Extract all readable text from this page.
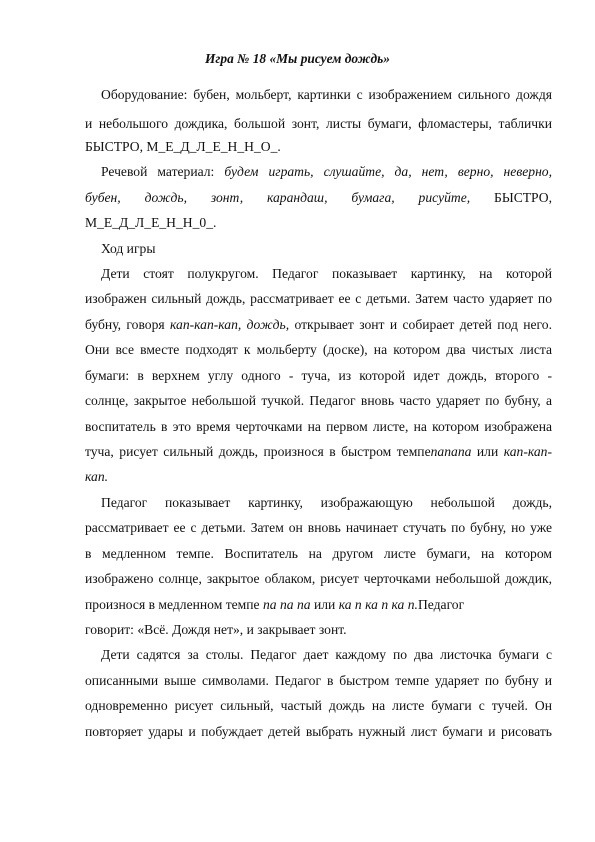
Игра № 18 «Мы рисуем дождь»
Оборудование: бубен, мольберт, картинки с изображением сильного дождя
и небольшого дождика, большой зонт, листы бумаги, фломастеры, таблички
БЫСТРО, М_Е_Д_Л_Е_Н_Н_О_.
Речевой материал: будем играть, слушайте, да, нет, верно, неверно,
бубен, дождь, зонт, карандаш, бумага, рисуйте, БЫСТРО,
М_Е_Д_Л_Е_Н_Н_0_.
Ход игры
Дети стоят полукругом. Педагог показывает картинку, на которой
изображен сильный дождь, рассматривает ее с детьми. Затем часто ударяет по
бубну, говоря кап-кап-кап, дождь, открывает зонт и собирает детей под него.
Они все вместе подходят к мольберту (доске), на котором два чистых листа
бумаги: в верхнем углу одного - туча, из которой идет дождь, второго -
солнце, закрытое небольшой тучкой. Педагог вновь часто ударяет по бубну, а
воспитатель в это время черточками на первом листе, на котором изображена
туча, рисует сильный дождь, произнося в быстром темпепапапа или кап-кап-
кап.
Педагог показывает картинку, изображающую небольшой дождь,
рассматривает ее с детьми. Затем он вновь начинает стучать по бубну, но уже
в медленном темпе. Воспитатель на другом листе бумаги, на котором
изображено солнце, закрытое облаком, рисует черточками небольшой дождик,
произнося в медленном темпе па па па или ка п ка п ка п.Педагог
говорит: «Всё. Дождя нет», и закрывает зонт.
Дети садятся за столы. Педагог дает каждому по два листочка бумаги с
описанными выше символами. Педагог в быстром темпе ударяет по бубну и
одновременно рисует сильный, частый дождь на листе бумаги с тучей. Он
повторяет удары и побуждает детей выбрать нужный лист бумаги и рисовать
